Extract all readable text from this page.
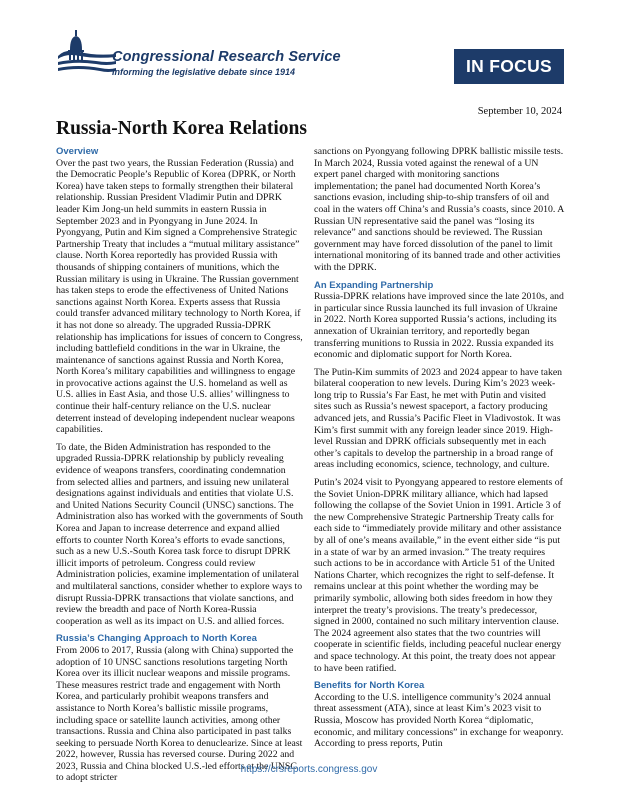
Congressional Research Service
Informing the legislative debate since 1914	IN FOCUS
September 10, 2024
Russia-North Korea Relations
Overview

Over the past two years, the Russian Federation (Russia) and the Democratic People’s Republic of Korea (DPRK, or North Korea) have taken steps to formally strengthen their bilateral relationship. Russian President Vladimir Putin and DPRK leader Kim Jong-un held summits in eastern Russia in September 2023 and in Pyongyang in June 2024. In Pyongyang, Putin and Kim signed a Comprehensive Strategic Partnership Treaty that includes a “mutual military assistance” clause. North Korea reportedly has provided Russia with thousands of shipping containers of munitions, which the Russian military is using in Ukraine. The Russian government has taken steps to erode the effectiveness of United Nations sanctions against North Korea. Experts assess that Russia could transfer advanced military technology to North Korea, if it has not done so already. The upgraded Russia-DPRK relationship has implications for issues of concern to Congress, including battlefield conditions in the war in Ukraine, the maintenance of sanctions against Russia and North Korea, North Korea’s military capabilities and willingness to engage in provocative actions against the U.S. homeland as well as U.S. allies in East Asia, and those U.S. allies’ willingness to continue their half-century reliance on the U.S. nuclear deterrent instead of developing independent nuclear weapons capabilities.

To date, the Biden Administration has responded to the upgraded Russia-DPRK relationship by publicly revealing evidence of weapons transfers, coordinating condemnation from selected allies and partners, and issuing new unilateral designations against individuals and entities that violate U.S. and United Nations Security Council (UNSC) sanctions. The Administration also has worked with the governments of South Korea and Japan to increase deterrence and expand allied efforts to counter North Korea’s efforts to evade sanctions, such as a new U.S.-South Korea task force to disrupt DPRK illicit imports of petroleum. Congress could review Administration policies, examine implementation of unilateral and multilateral sanctions, consider whether to explore ways to disrupt Russia-DPRK transactions that violate sanctions, and review the breadth and pace of North Korea-Russia cooperation as well as its impact on U.S. and allied forces.

Russia’s Changing Approach to North Korea

From 2006 to 2017, Russia (along with China) supported the adoption of 10 UNSC sanctions resolutions targeting North Korea over its illicit nuclear weapons and missile programs. These measures restrict trade and engagement with North Korea, and particularly prohibit weapons transfers and assistance to North Korea’s ballistic missile programs, including space or satellite launch activities, among other transactions. Russia and China also participated in past talks seeking to persuade North Korea to denuclearize. Since at least 2022, however, Russia has reversed course. During 2022 and 2023, Russia and China blocked U.S.-led efforts at the UNSC to adopt stricter

sanctions on Pyongyang following DPRK ballistic missile tests. In March 2024, Russia voted against the renewal of a UN expert panel charged with monitoring sanctions implementation; the panel had documented North Korea’s sanctions evasion, including ship-to-ship transfers of oil and coal in the waters off China’s and Russia’s coasts, since 2010. A Russian UN representative said the panel was “losing its relevance” and sanctions should be reviewed. The Russian government may have forced dissolution of the panel to limit international monitoring of its banned trade and other activities with the DPRK.

An Expanding Partnership

Russia-DPRK relations have improved since the late 2010s, and in particular since Russia launched its full invasion of Ukraine in 2022. North Korea supported Russia’s actions, including its annexation of Ukrainian territory, and reportedly began transferring munitions to Russia in 2022. Russia expanded its economic and diplomatic support for North Korea.

The Putin-Kim summits of 2023 and 2024 appear to have taken bilateral cooperation to new levels. During Kim’s 2023 week-long trip to Russia’s Far East, he met with Putin and visited sites such as Russia’s newest spaceport, a factory producing advanced jets, and Russia’s Pacific Fleet in Vladivostok. It was Kim’s first summit with any foreign leader since 2019. High-level Russian and DPRK officials subsequently met in each other’s capitals to develop the partnership in a broad range of areas including economics, science, technology, and culture.

Putin’s 2024 visit to Pyongyang appeared to restore elements of the Soviet Union-DPRK military alliance, which had lapsed following the collapse of the Soviet Union in 1991. Article 3 of the new Comprehensive Strategic Partnership Treaty calls for each side to “immediately provide military and other assistance by all of one’s means available,” in the event either side “is put in a state of war by an armed invasion.” The treaty requires such actions to be in accordance with Article 51 of the United Nations Charter, which recognizes the right to self-defense. It remains unclear at this point whether the wording may be primarily symbolic, allowing both sides freedom in how they interpret the treaty’s provisions. The treaty’s predecessor, signed in 2000, contained no such military intervention clause. The 2024 agreement also states that the two countries will cooperate in scientific fields, including peaceful nuclear energy and space technology. At this point, the treaty does not appear to have been ratified.

Benefits for North Korea

According to the U.S. intelligence community’s 2024 annual threat assessment (ATA), since at least Kim’s 2023 visit to Russia, Moscow has provided North Korea “diplomatic, economic, and military concessions” in exchange for weaponry. According to press reports, Putin

https://crsreports.congress.gov
